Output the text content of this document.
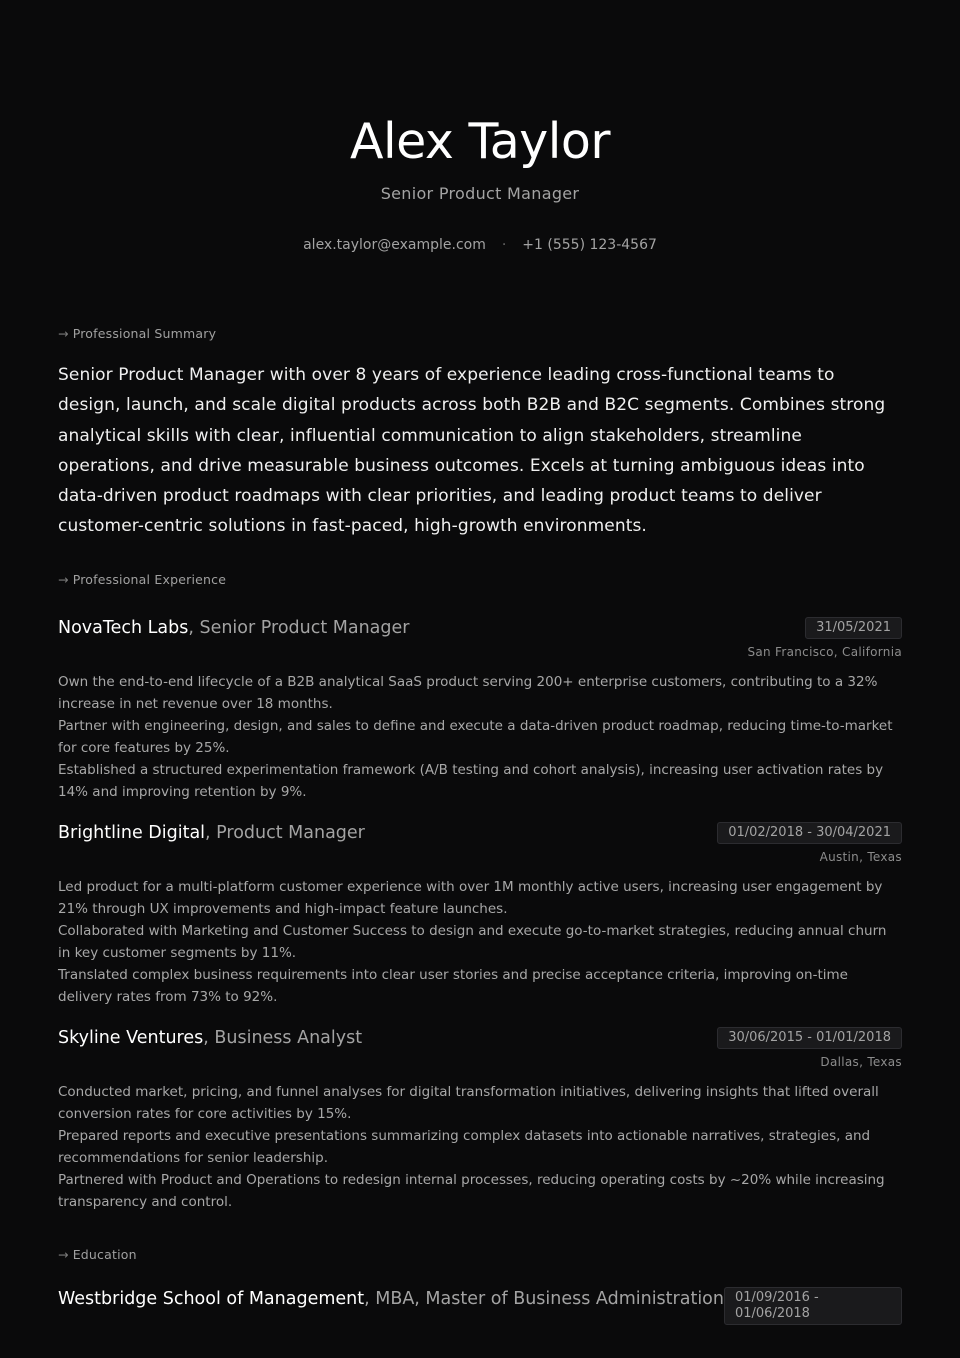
Alex Taylor
Senior Product Manager
alex.taylor@example.com · +1 (555) 123-4567
→ Professional Summary
Senior Product Manager with over 8 years of experience leading cross-functional teams to design, launch, and scale digital products across both B2B and B2C segments. Combines strong analytical skills with clear, influential communication to align stakeholders, streamline operations, and drive measurable business outcomes. Excels at turning ambiguous ideas into data-driven product roadmaps with clear priorities, and leading product teams to deliver customer-centric solutions in fast-paced, high-growth environments.
→ Professional Experience
NovaTech Labs, Senior Product Manager	31/05/2021
San Francisco, California
Own the end-to-end lifecycle of a B2B analytical SaaS product serving 200+ enterprise customers, contributing to a 32% increase in net revenue over 18 months.
Partner with engineering, design, and sales to define and execute a data-driven product roadmap, reducing time-to-market for core features by 25%.
Established a structured experimentation framework (A/B testing and cohort analysis), increasing user activation rates by 14% and improving retention by 9%.
Brightline Digital, Product Manager	01/02/2018 - 30/04/2021
Austin, Texas
Led product for a multi-platform customer experience with over 1M monthly active users, increasing user engagement by 21% through UX improvements and high-impact feature launches.
Collaborated with Marketing and Customer Success to design and execute go-to-market strategies, reducing annual churn in key customer segments by 11%.
Translated complex business requirements into clear user stories and precise acceptance criteria, improving on-time delivery rates from 73% to 92%.
Skyline Ventures, Business Analyst	30/06/2015 - 01/01/2018
Dallas, Texas
Conducted market, pricing, and funnel analyses for digital transformation initiatives, delivering insights that lifted overall conversion rates for core activities by 15%.
Prepared reports and executive presentations summarizing complex datasets into actionable narratives, strategies, and recommendations for senior leadership.
Partnered with Product and Operations to redesign internal processes, reducing operating costs by ~20% while increasing transparency and control.
→ Education
Westbridge School of Management, MBA, Master of Business Administration 01/09/2016 - 01/06/2018
